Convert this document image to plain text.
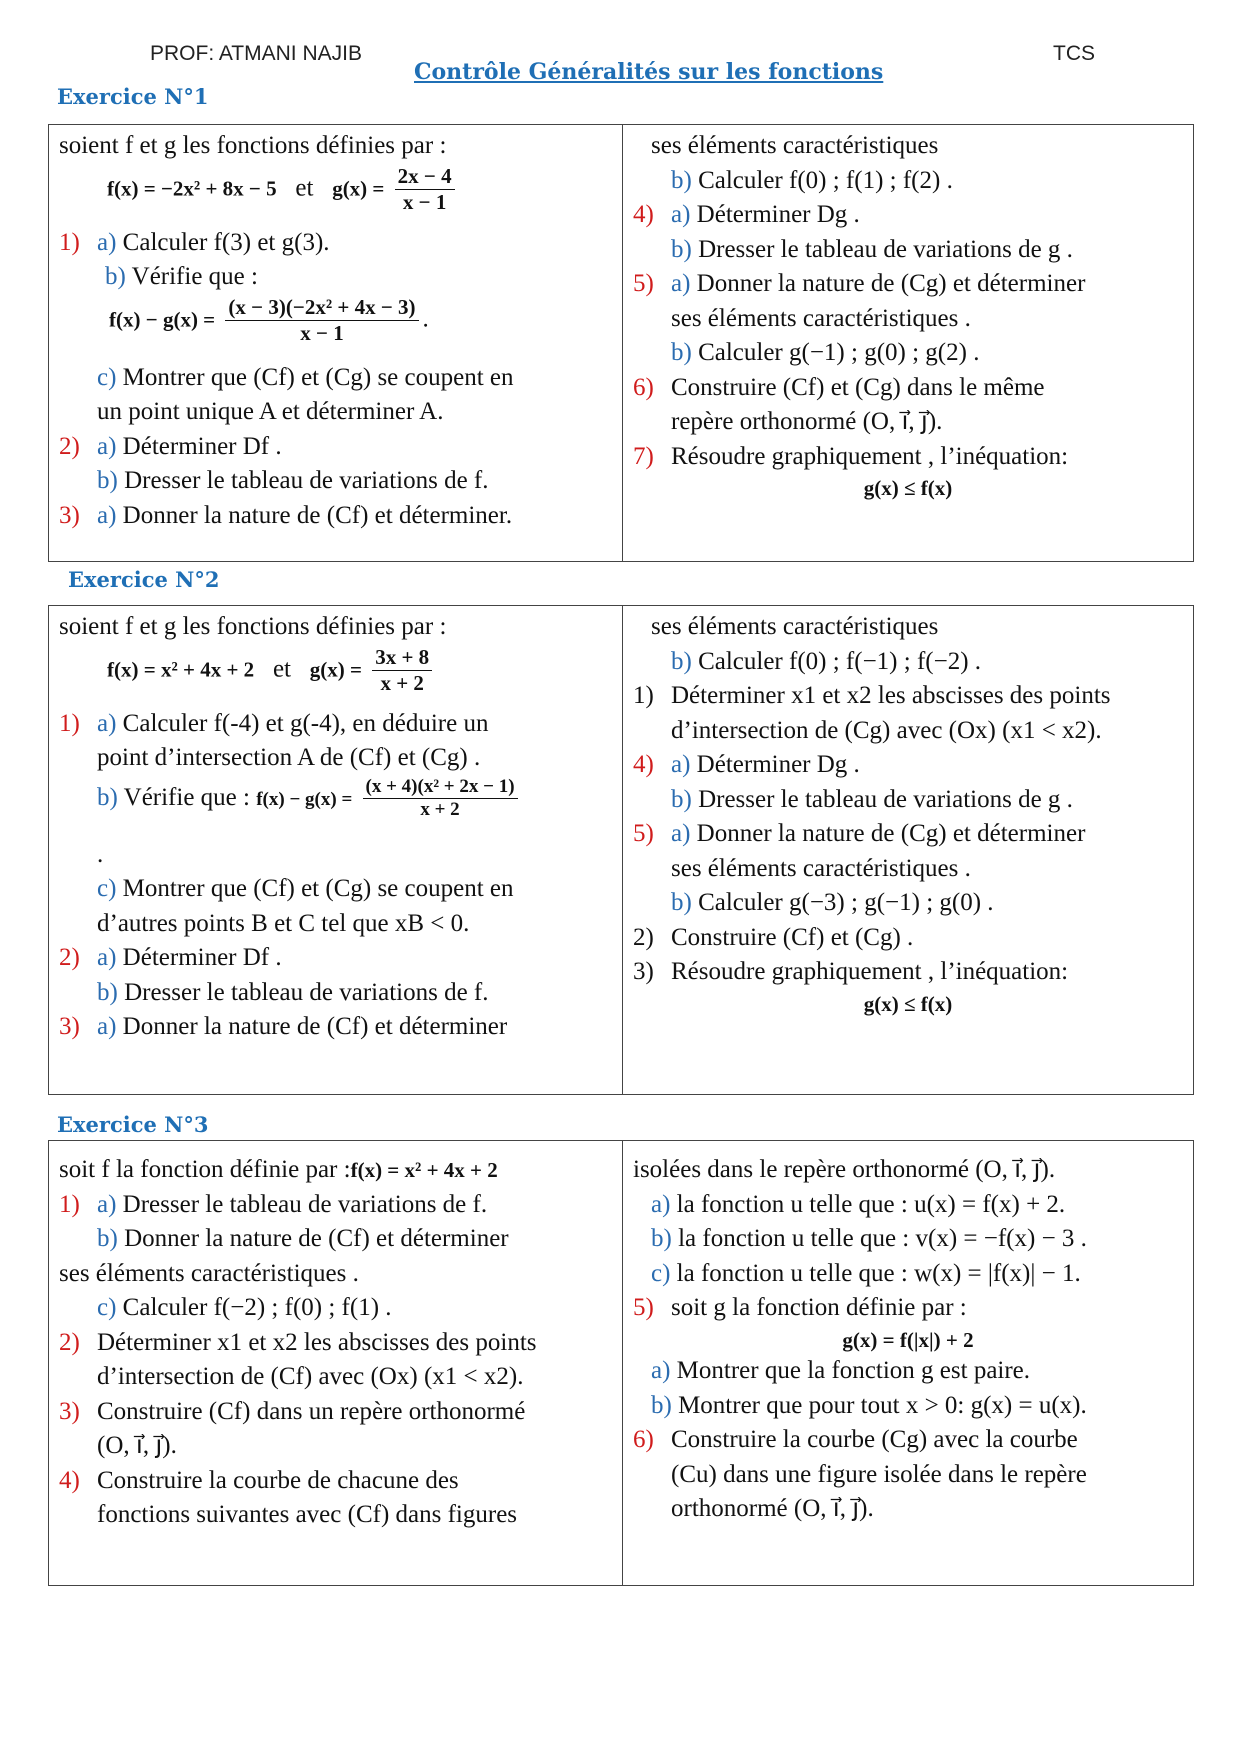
PROF: ATMANI NAJIB
Contrôle Généralités sur les fonctions
TCS
Exercice N°1
soient f et g les fonctions définies par :
f(x) = −2x² + 8x − 5 et $g(x) = \frac{2x - 4}{x - 1}$
1) a) Calculer f(3) et g(3).
b) Vérifie que :
$f(x) - g(x) = \frac{\text{(x − 3)(−2x² + 4x − 3)}}{x - 1}$ .
c) Montrer que (Cf) et (Cg) se coupent en
un point unique A et déterminer A.
2) a) Déterminer Df .
b) Dresser le tableau de variations de f.
3) a) Donner la nature de (Cf) et déterminer.

ses éléments caractéristiques
b) Calculer f(0) ; f(1) ; f(2) .
4) a) Déterminer Dg .
b) Dresser le tableau de variations de g .
5) a) Donner la nature de (Cg) et déterminer
ses éléments caractéristiques .
b) Calculer g(−1) ; g(0) ; g(2) .
6) Construire (Cf) et (Cg) dans le même
repère orthonormé (O, i⃗, j⃗).
7) Résoudre graphiquement , l’inéquation:
g(x) ≤ f(x)
Exercice N°2
soient f et g les fonctions définies par :
f(x) = x² + 4x + 2 et $g(x) = \frac{3x + 8}{x + 2}$
1) a) Calculer f(-4) et g(-4), en déduire un
point d’intersection A de (Cf) et (Cg) .
b) Vérifie que : $f(x) - g(x) = \frac{\text{(x + 4)(x² + 2x − 1)}}{x + 2}$
.
c) Montrer que (Cf) et (Cg) se coupent en
d’autres points B et C tel que xB < 0.
2) a) Déterminer Df .
b) Dresser le tableau de variations de f.
3) a) Donner la nature de (Cf) et déterminer

ses éléments caractéristiques
b) Calculer f(0) ; f(−1) ; f(−2) .
1) Déterminer x1 et x2 les abscisses des points
d’intersection de (Cg) avec (Ox) (x1 < x2).
4) a) Déterminer Dg .
b) Dresser le tableau de variations de g .
5) a) Donner la nature de (Cg) et déterminer
ses éléments caractéristiques .
b) Calculer g(−3) ; g(−1) ; g(0) .
2) Construire (Cf) et (Cg) .
3) Résoudre graphiquement , l’inéquation:
g(x) ≤ f(x)
Exercice N°3
soit f la fonction définie par :f(x) = x² + 4x + 2
1) a) Dresser le tableau de variations de f.
b) Donner la nature de (Cf) et déterminer
ses éléments caractéristiques .
c) Calculer f(−2) ; f(0) ; f(1) .
2) Déterminer x1 et x2 les abscisses des points
d’intersection de (Cf) avec (Ox) (x1 < x2).
3) Construire (Cf) dans un repère orthonormé
(O, i⃗, j⃗).
4) Construire la courbe de chacune des
fonctions suivantes avec (Cf) dans figures

isolées dans le repère orthonormé (O, i⃗, j⃗).
a) la fonction u telle que : u(x) = f(x) + 2.
b) la fonction u telle que : v(x) = −f(x) − 3 .
c) la fonction u telle que : w(x) = |f(x)| − 1.
5) soit g la fonction définie par :
g(x) = f(|x|) + 2
a) Montrer que la fonction g est paire.
b) Montrer que pour tout x > 0: g(x) = u(x).
6) Construire la courbe (Cg) avec la courbe
(Cu) dans une figure isolée dans le repère
orthonormé (O, i⃗, j⃗).
